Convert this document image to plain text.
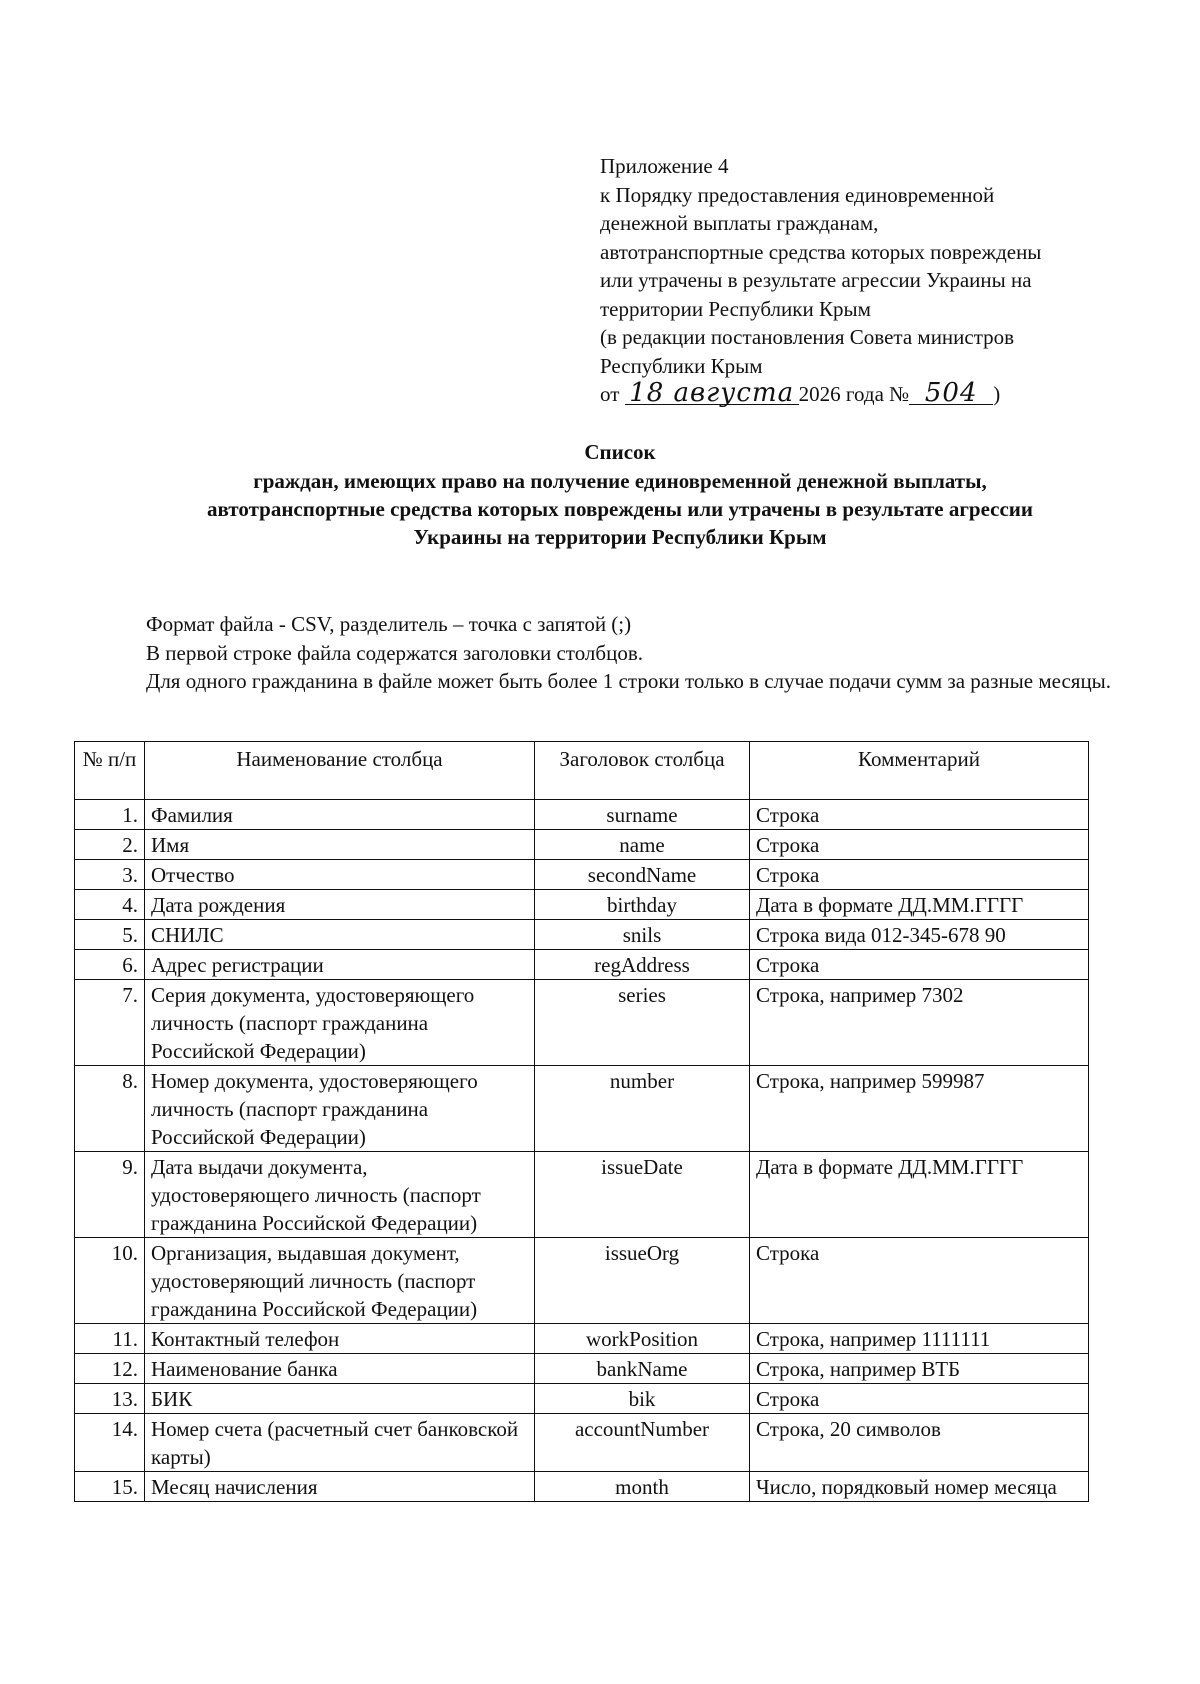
Приложение 4
к Порядку предоставления единовременной
денежной выплаты гражданам,
автотранспортные средства которых повреждены
или утрачены в результате агрессии Украины на
территории Республики Крым
(в редакции постановления Совета министров
Республики Крым
от 18 августа 2026 года № 504 )
Список
граждан, имеющих право на получение единовременной денежной выплаты,
автотранспортные средства которых повреждены или утрачены в результате агрессии
Украины на территории Республики Крым
Формат файла - CSV, разделитель – точка с запятой (;)
В первой строке файла содержатся заголовки столбцов.
Для одного гражданина в файле может быть более 1 строки только в случае подачи сумм за разные месяцы.
№ п/п	Наименование столбца	Заголовок столбца	Комментарий
1.	Фамилия	surname	Строка
2.	Имя	name	Строка
3.	Отчество	secondName	Строка
4.	Дата рождения	birthday	Дата в формате ДД.ММ.ГГГГ
5.	СНИЛС	snils	Строка вида 012-345-678 90
6.	Адрес регистрации	regAddress	Строка
7.	Серия документа, удостоверяющего личность (паспорт гражданина Российской Федерации)	series	Строка, например 7302
8.	Номер документа, удостоверяющего личность (паспорт гражданина Российской Федерации)	number	Строка, например 599987
9.	Дата выдачи документа, удостоверяющего личность (паспорт гражданина Российской Федерации)	issueDate	Дата в формате ДД.ММ.ГГГГ
10.	Организация, выдавшая документ, удостоверяющий личность (паспорт гражданина Российской Федерации)	issueOrg	Строка
11.	Контактный телефон	workPosition	Строка, например 1111111
12.	Наименование банка	bankName	Строка, например ВТБ
13.	БИК	bik	Строка
14.	Номер счета (расчетный счет банковской карты)	accountNumber	Строка, 20 символов
15.	Месяц начисления	month	Число, порядковый номер месяца
